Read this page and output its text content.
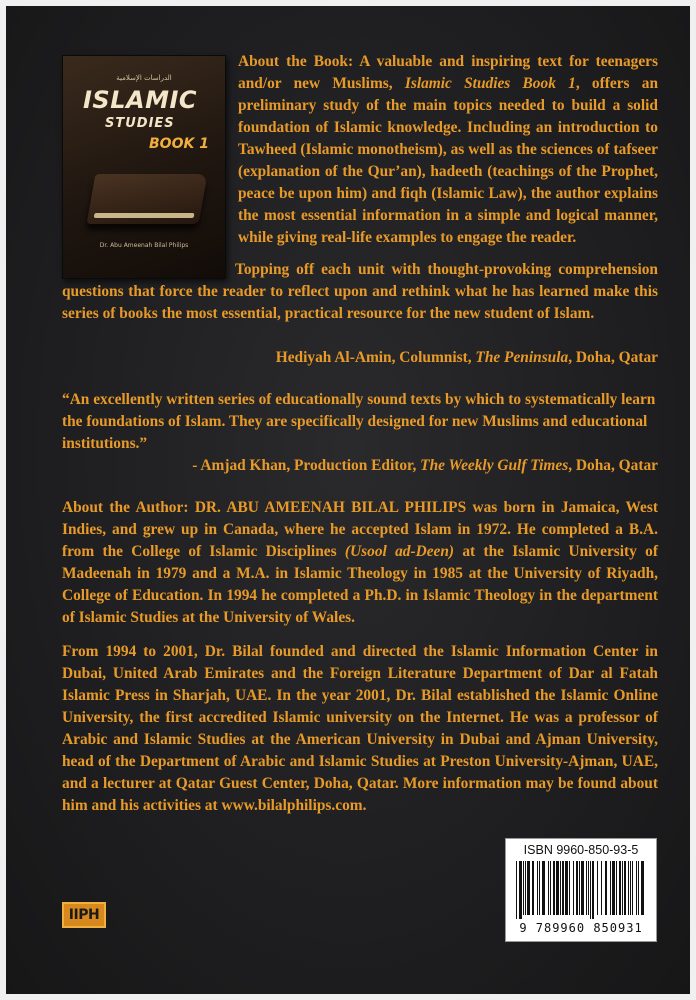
الدراسات الإسلامية
ISLAMIC
STUDIES
BOOK 1
Dr. Abu Ameenah Bilal Philips
About the Book: A valuable and inspiring text for teenagers and/or new Muslims, Islamic Studies Book 1, offers an preliminary study of the main topics needed to build a solid foundation of Islamic knowledge. Including an introduction to Tawheed (Islamic monotheism), as well as the sciences of tafseer (explanation of the Qur’an), hadeeth (teachings of the Prophet, peace be upon him) and fiqh (Islamic Law), the author explains the most essential information in a simple and logical manner, while giving real-life examples to engage the reader.
Topping off each unit with thought-provoking comprehension questions that force the reader to reflect upon and rethink what he has learned make this series of books the most essential, practical resource for the new student of Islam.
Hediyah Al-Amin, Columnist, The Peninsula, Doha, Qatar
“An excellently written series of educationally sound texts by which to systematically learn the foundations of Islam. They are specifically designed for new Muslims and educational institutions.”
- Amjad Khan, Production Editor, The Weekly Gulf Times, Doha, Qatar
About the Author: DR. ABU AMEENAH BILAL PHILIPS was born in Jamaica, West Indies, and grew up in Canada, where he accepted Islam in 1972. He completed a B.A. from the College of Islamic Disciplines (Usool ad-Deen) at the Islamic University of Madeenah in 1979 and a M.A. in Islamic Theology in 1985 at the University of Riyadh, College of Education. In 1994 he completed a Ph.D. in Islamic Theology in the department of Islamic Studies at the University of Wales.
From 1994 to 2001, Dr. Bilal founded and directed the Islamic Information Center in Dubai, United Arab Emirates and the Foreign Literature Department of Dar al Fatah Islamic Press in Sharjah, UAE. In the year 2001, Dr. Bilal established the Islamic Online University, the first accredited Islamic university on the Internet. He was a professor of Arabic and Islamic Studies at the American University in Dubai and Ajman University, head of the Department of Arabic and Islamic Studies at Preston University-Ajman, UAE, and a lecturer at Qatar Guest Center, Doha, Qatar. More information may be found about him and his activities at www.bilalphilips.com.
IIPH
ISBN 9960-850-93-5
9 789960 850931
